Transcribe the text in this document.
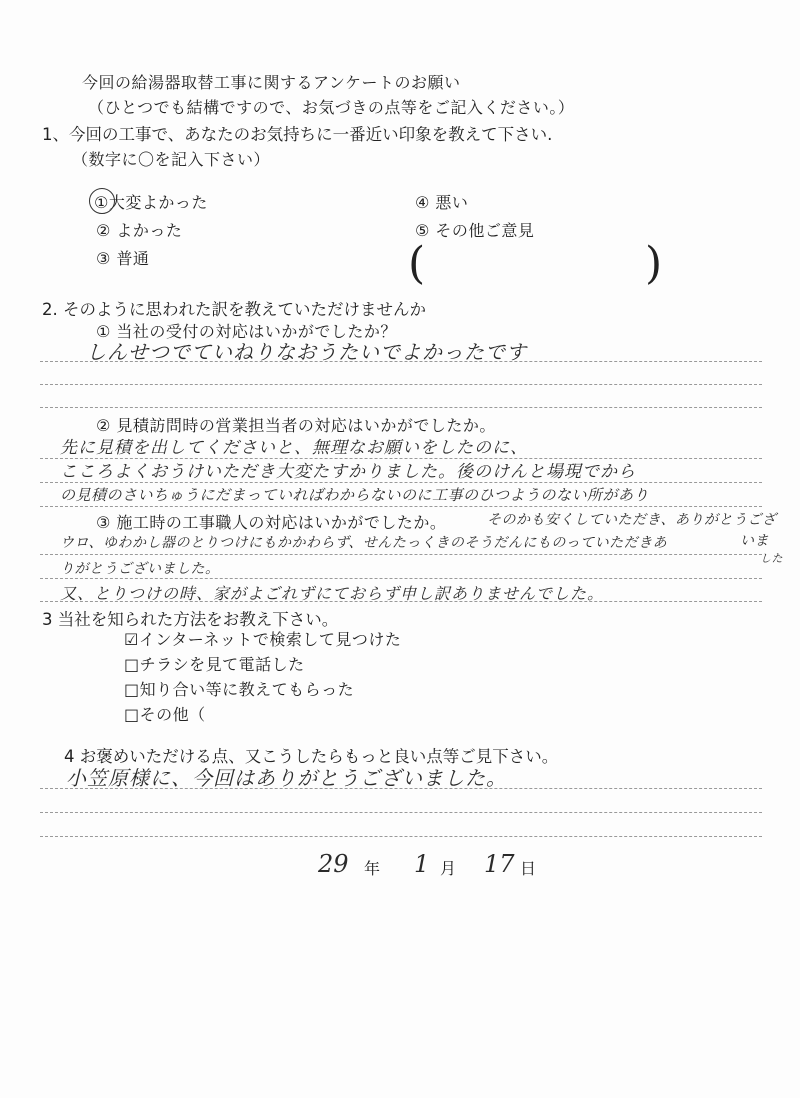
今回の給湯器取替工事に関するアンケートのお願い
（ひとつでも結構ですので、お気づきの点等をご記入ください。）
1、今回の工事で、あなたのお気持ちに一番近い印象を教えて下さい.
（数字に〇を記入下さい）
①大変よかった
② よかった
③ 普通
④ 悪い
⑤ その他ご意見
(	)
2. そのように思われた訳を教えていただけませんか
① 当社の受付の対応はいかがでしたか？
しんせつでていねりなおうたいでよかったです
② 見積訪問時の営業担当者の対応はいかがでしたか。
先に見積を出してくださいと、無理なお願いをしたのに、
こころよくおうけいただき大変たすかりました。後のけんと場現でから
の見積のさいちゅうにだまっていればわからないのに工事のひつようのない所があり
③ 施工時の工事職人の対応はいかがでしたか。	そのかも安くしていただき、ありがとうござ
いま
した
ウロ、ゆわかし器のとりつけにもかかわらず、せんたっくきのそうだんにものっていただきありがとうございました。
又、とりつけの時、家がよごれずにておらず申し訳ありませんでした。
3 当社を知られた方法をお教え下さい。
☑インターネットで検索して見つけた
□チラシを見て電話した
□知り合い等に教えてもらった
□その他（
4 お褒めいただける点、又こうしたらもっと良い点等ご見下さい。
小笠原様に、今回はありがとうございました。
29 年 1 月 17 日
